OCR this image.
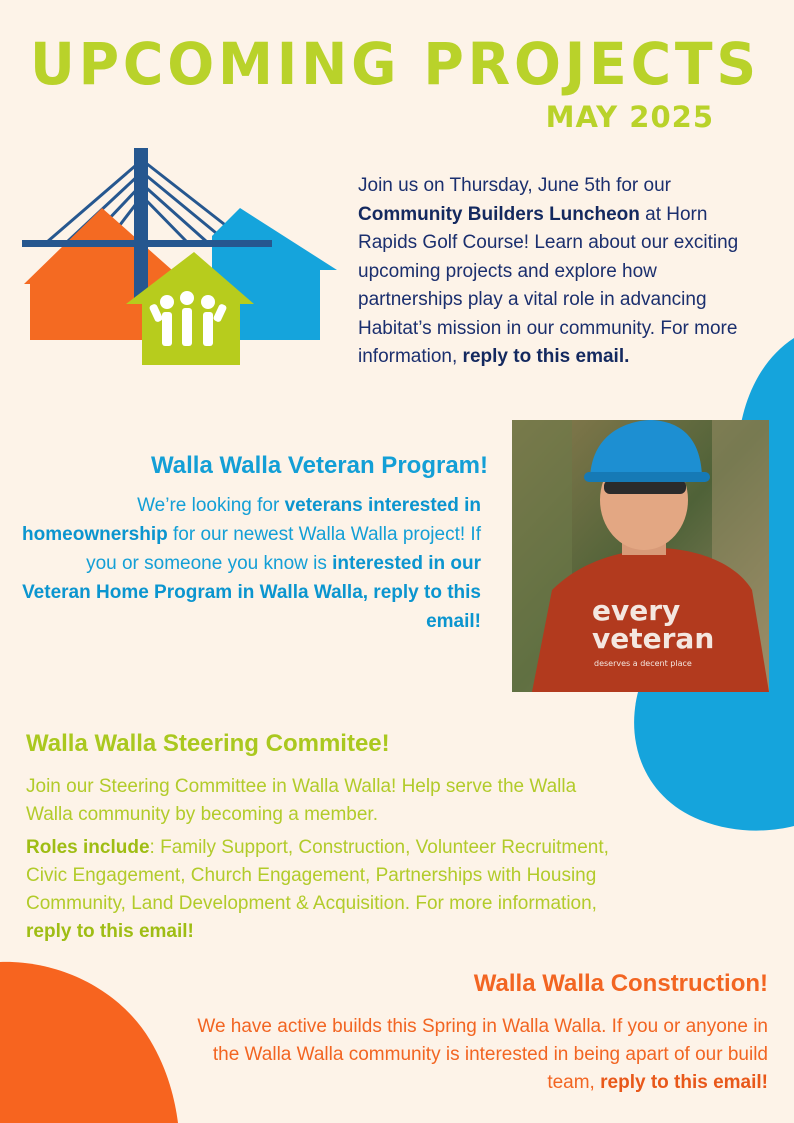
UPCOMING PROJECTS

MAY 2025

Join us on Thursday, June 5th for our Community Builders Luncheon at Horn Rapids Golf Course! Learn about our exciting upcoming projects and explore how partnerships play a vital role in advancing Habitat’s mission in our community. For more information, reply to this email.

Walla Walla Veteran Program!

We’re looking for veterans interested in homeownership for our newest Walla Walla project! If you or someone you know is interested in our Veteran Home Program in Walla Walla, reply to this email!	every
veteran
deserves a decent place
Walla Walla Steering Commitee!

Join our Steering Committee in Walla Walla! Help serve the Walla Walla community by becoming a member.

Roles include: Family Support, Construction, Volunteer Recruitment, Civic Engagement, Church Engagement, Partnerships with Housing Community, Land Development & Acquisition. For more information, reply to this email!

Walla Walla Construction!

We have active builds this Spring in Walla Walla. If you or anyone in the Walla Walla community is interested in being apart of our build team, reply to this email!
